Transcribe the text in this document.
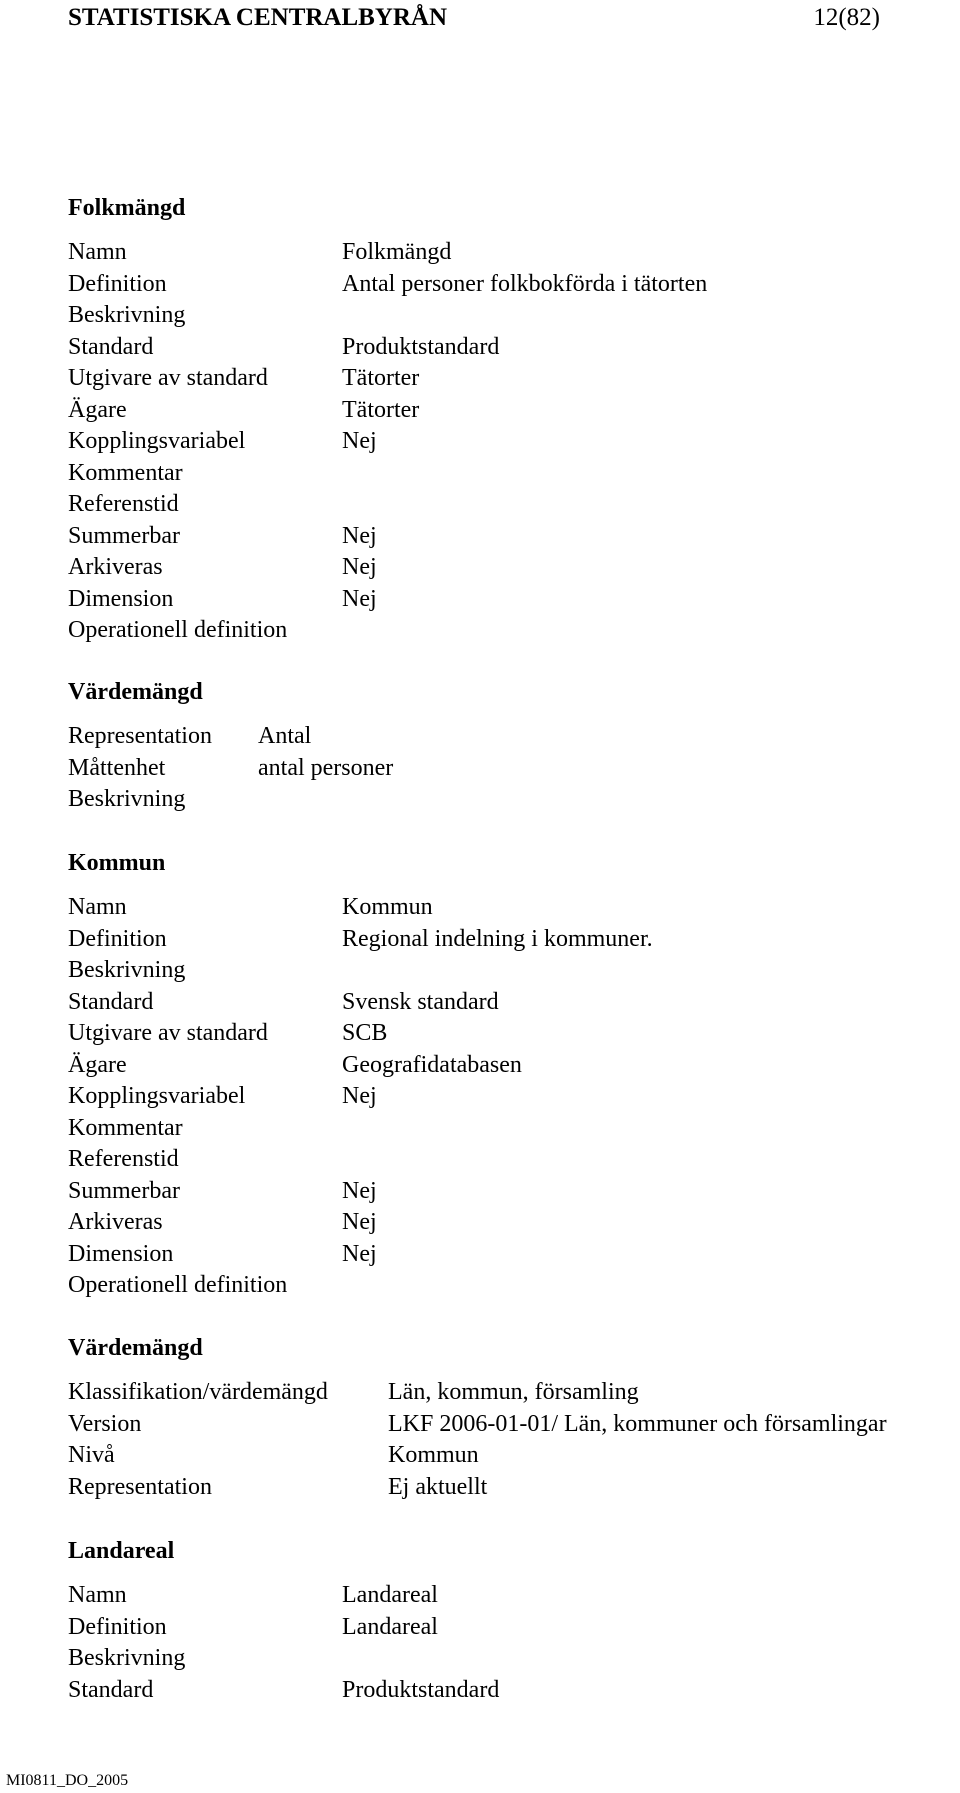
STATISTISKA CENTRALBYRÅN	12(82)
Folkmängd
Namn	Folkmängd
Definition	Antal personer folkbokförda i tätorten
Beskrivning
Standard	Produktstandard
Utgivare av standard	Tätorter
Ägare	Tätorter
Kopplingsvariabel	Nej
Kommentar
Referenstid
Summerbar	Nej
Arkiveras	Nej
Dimension	Nej
Operationell definition
Värdemängd
Representation Antal
Måttenhet	antal personer
Beskrivning
Kommun
Namn	Kommun
Definition	Regional indelning i kommuner.
Beskrivning
Standard	Svensk standard
Utgivare av standard	SCB
Ägare	Geografidatabasen
Kopplingsvariabel	Nej
Kommentar
Referenstid
Summerbar	Nej
Arkiveras	Nej
Dimension	Nej
Operationell definition
Värdemängd
Klassifikation/värdemängd	Län, kommun, församling
Version	LKF 2006-01-01/ Län, kommuner och församlingar
Nivå	Kommun
Representation	Ej aktuellt
Landareal
Namn	Landareal
Definition	Landareal
Beskrivning
Standard	Produktstandard
MI0811_DO_2005
